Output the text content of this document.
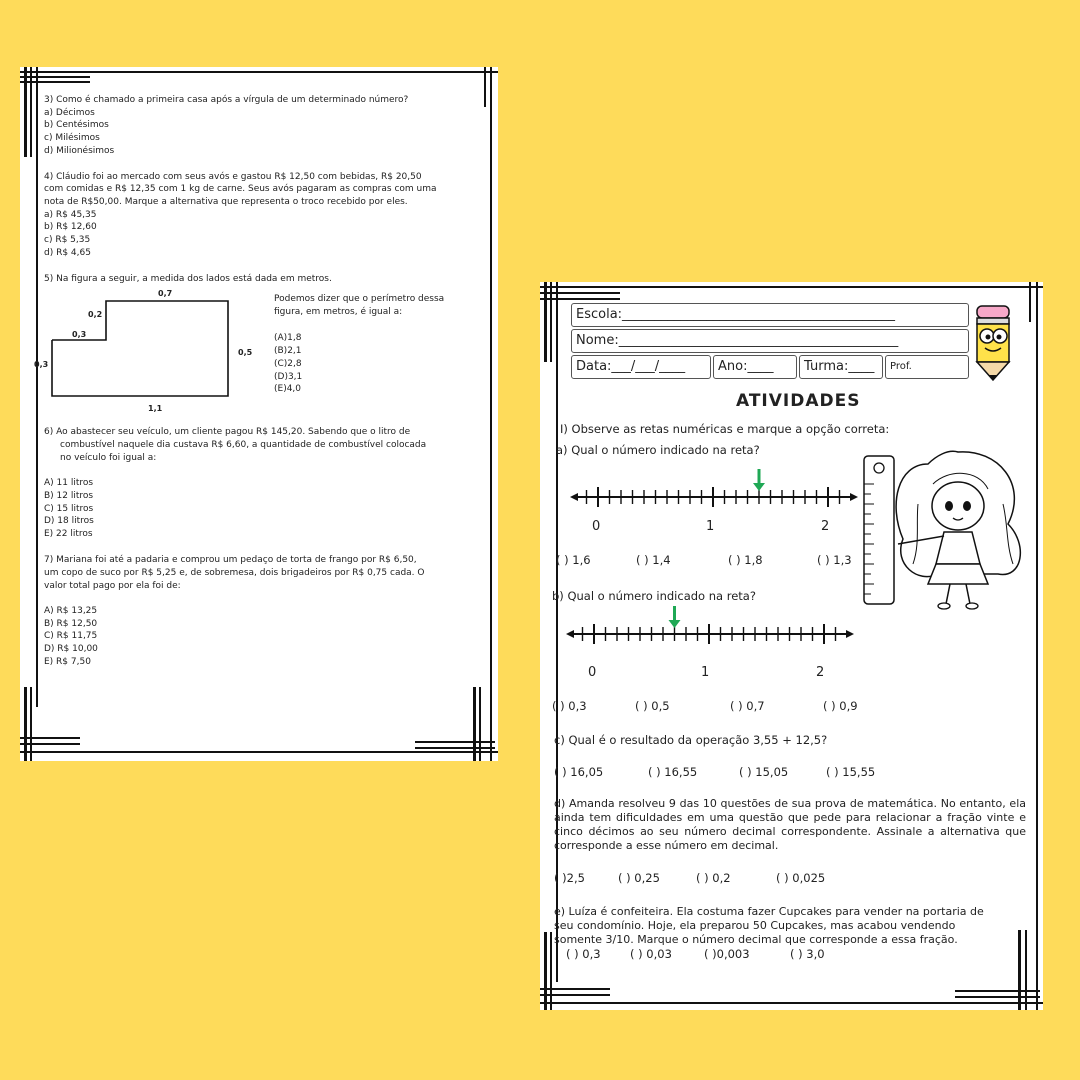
3) Como é chamado a primeira casa após a vírgula de um determinado número?
a) Décimos
b) Centésimos
c) Milésimos
d) Milionésimos
4) Cláudio foi ao mercado com seus avós e gastou R$ 12,50 com bebidas, R$ 20,50
com comidas e R$ 12,35 com 1 kg de carne. Seus avós pagaram as compras com uma
nota de R$50,00. Marque a alternativa que representa o troco recebido por eles.
a) R$ 45,35
b) R$ 12,60
c) R$ 5,35
d) R$ 4,65
5) Na figura a seguir, a medida dos lados está dada em metros.
0,7
0,2
0,3
0,3
0,5
1,1
Podemos dizer que o perímetro dessa
figura, em metros, é igual a:
(A)1,8
(B)2,1
(C)2,8
(D)3,1
(E)4,0
6) Ao abastecer seu veículo, um cliente pagou R$ 145,20. Sabendo que o litro de
combustível naquele dia custava R$ 6,60, a quantidade de combustível colocada
no veículo foi igual a:
A) 11 litros
B) 12 litros
C) 15 litros
D) 18 litros
E) 22 litros
7) Mariana foi até a padaria e comprou um pedaço de torta de frango por R$ 6,50,
um copo de suco por R$ 5,25 e, de sobremesa, dois brigadeiros por R$ 0,75 cada. O
valor total pago por ela foi de:
A) R$ 13,25
B) R$ 12,50
C) R$ 11,75
D) R$ 10,00
E) R$ 7,50
Escola:__________________________________________
Nome:___________________________________________
Data:___/___/____	Ano:____	Turma:____	Prof.
ATIVIDADES
I) Observe as retas numéricas e marque a opção correta:
a) Qual o número indicado na reta?
0	1	2
( ) 1,6	( ) 1,4	( ) 1,8	( ) 1,3
b) Qual o número indicado na reta?
0	1	2
( ) 0,3	( ) 0,5	( ) 0,7	( ) 0,9
c) Qual é o resultado da operação 3,55 + 12,5?
( ) 16,05	( ) 16,55	( ) 15,05	( ) 15,55
d) Amanda resolveu 9 das 10 questões de sua prova de matemática. No entanto, ela ainda tem dificuldades em uma questão que pede para relacionar a fração vinte e cinco décimos ao seu número decimal correspondente. Assinale a alternativa que corresponde a esse número em decimal.
( )2,5	( ) 0,25	( ) 0,2	( ) 0,025
e) Luíza é confeiteira. Ela costuma fazer Cupcakes para vender na portaria de
seu condomínio. Hoje, ela preparou 50 Cupcakes, mas acabou vendendo
somente 3/10. Marque o número decimal que corresponde a essa fração.
( ) 0,3	( ) 0,03	( )0,003	( ) 3,0
